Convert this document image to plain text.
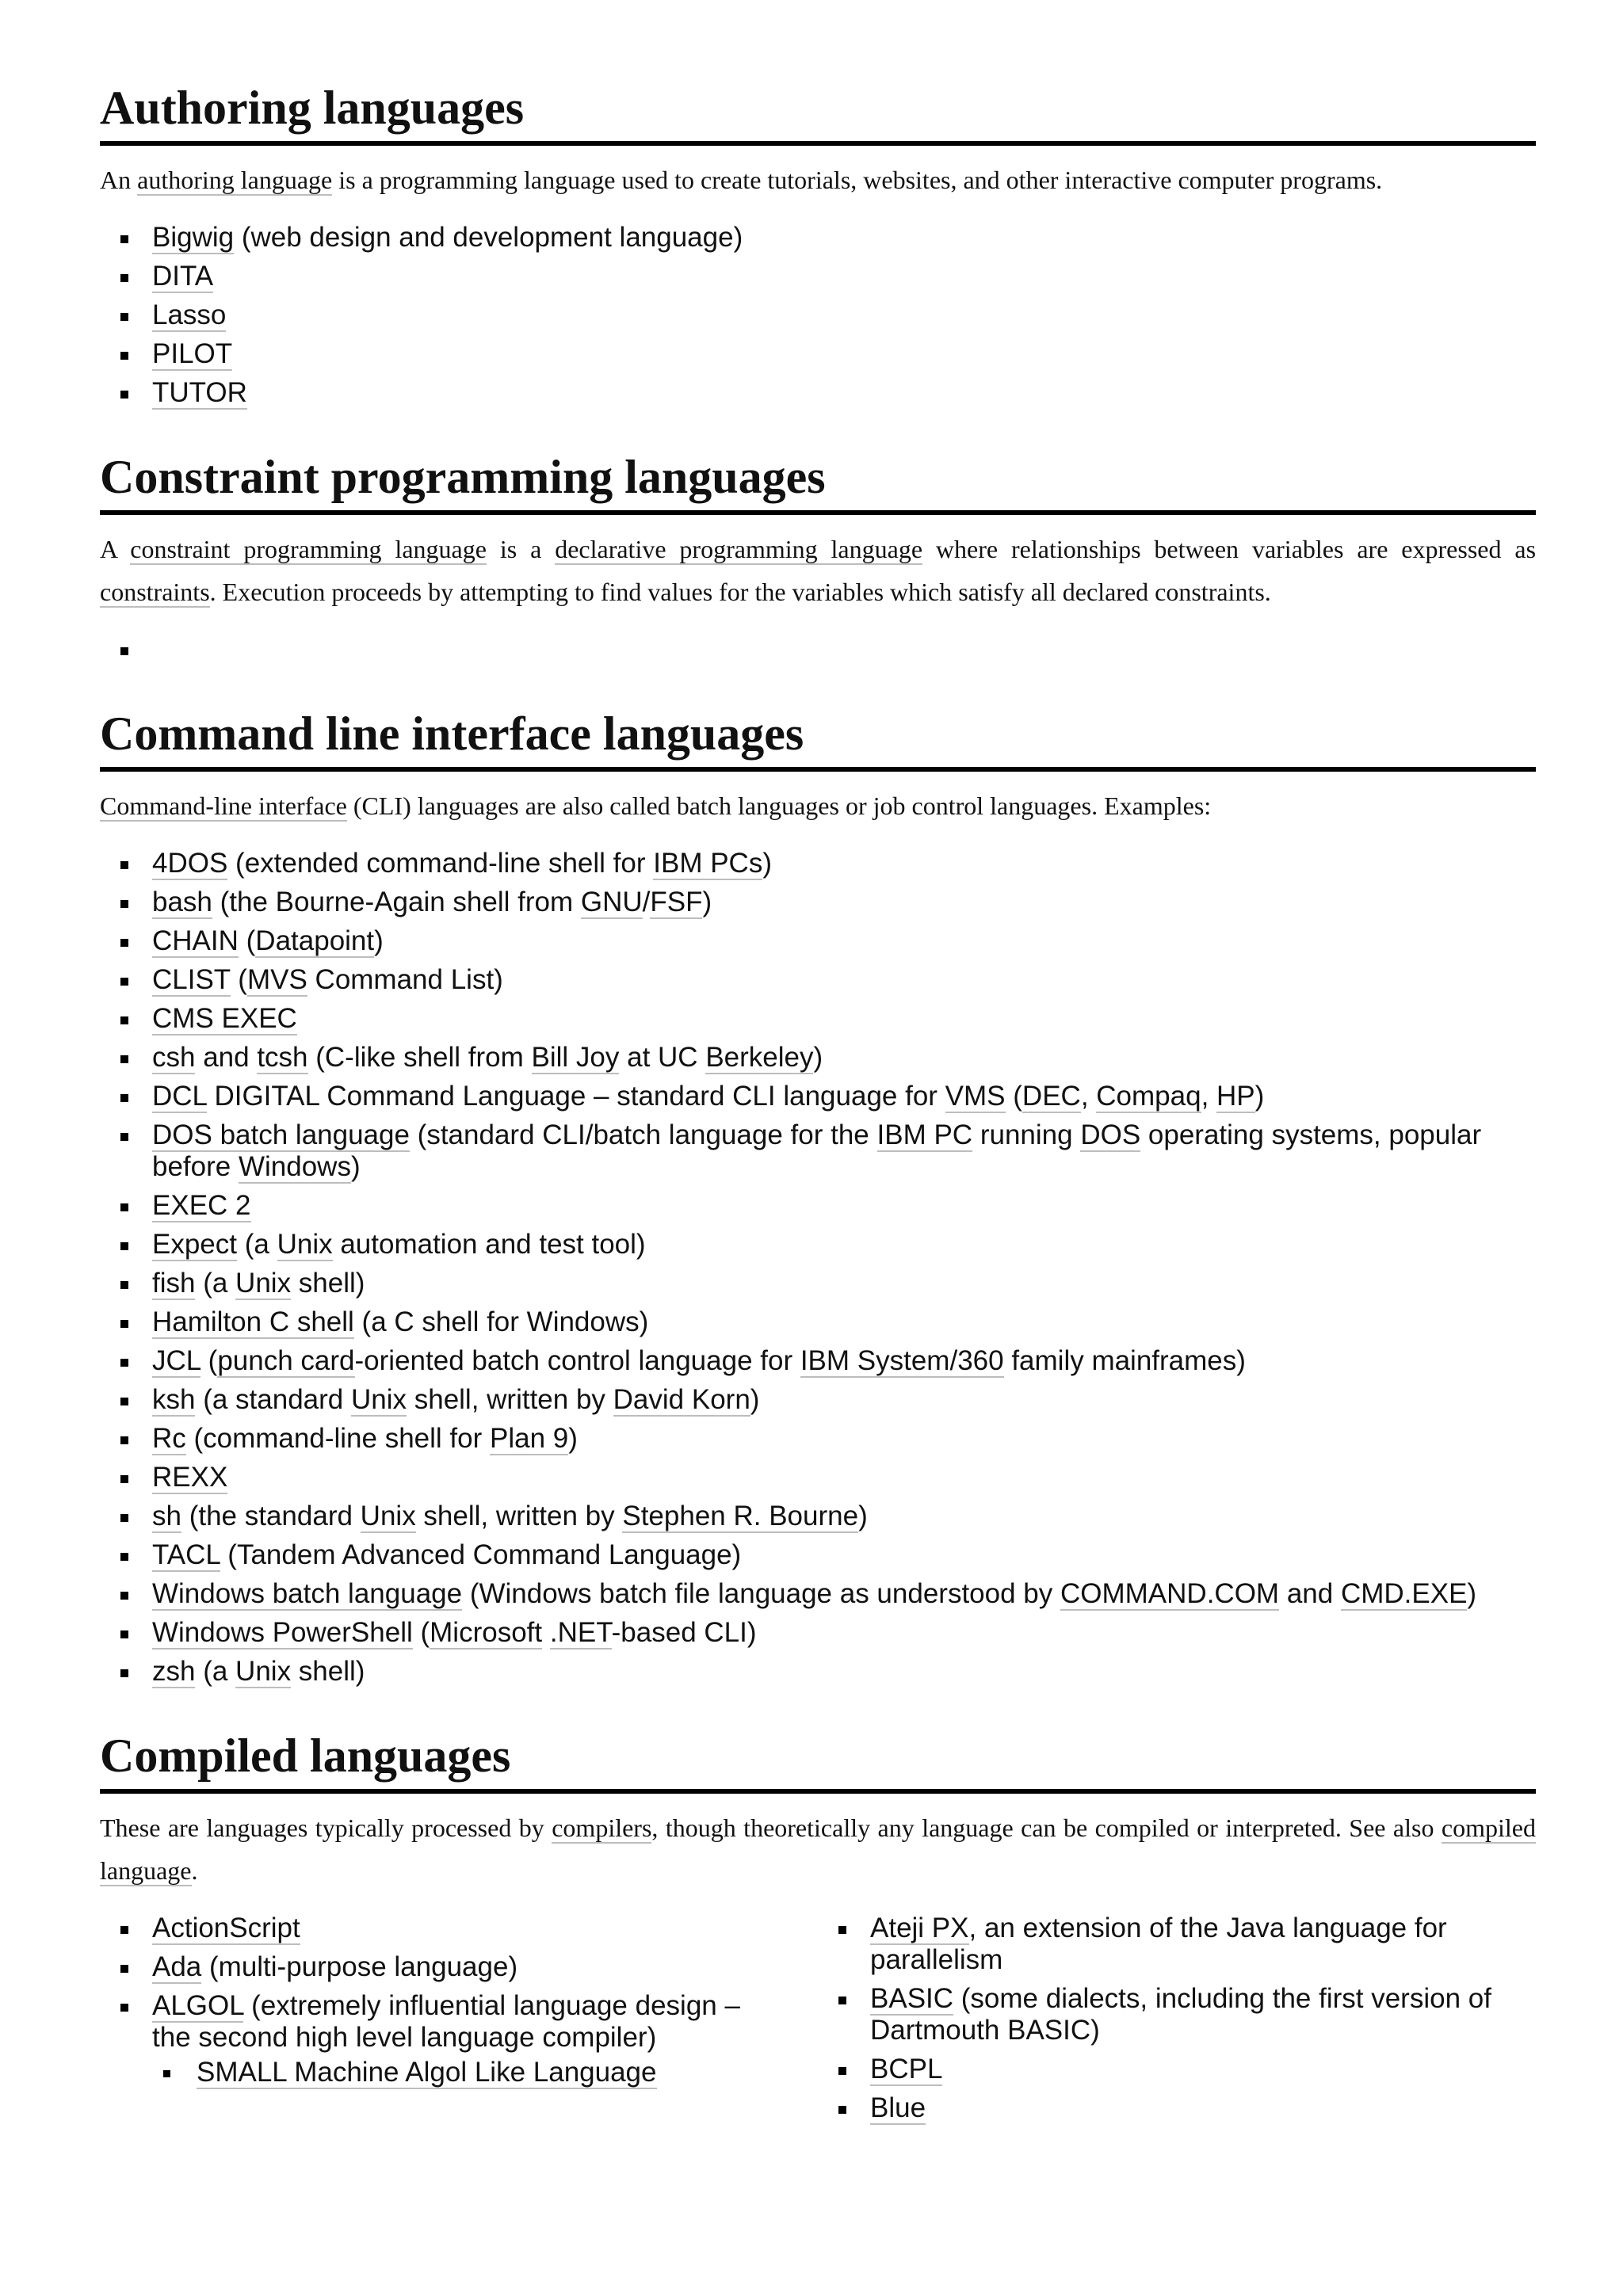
Authoring languages

An authoring language is a programming language used to create tutorials, websites, and other interactive computer programs.

Bigwig (web design and development language)
DITA
Lasso
PILOT
TUTOR
Constraint programming languages

A constraint programming language is a declarative programming language where relationships between variables are expressed as constraints. Execution proceeds by attempting to find values for the variables which satisfy all declared constraints.

Command line interface languages

Command-line interface (CLI) languages are also called batch languages or job control languages. Examples:

4DOS (extended command-line shell for IBM PCs)
bash (the Bourne-Again shell from GNU/FSF)
CHAIN (Datapoint)
CLIST (MVS Command List)
CMS EXEC
csh and tcsh (C-like shell from Bill Joy at UC Berkeley)
DCL DIGITAL Command Language – standard CLI language for VMS (DEC, Compaq, HP)
DOS batch language (standard CLI/batch language for the IBM PC running DOS operating systems, popular before Windows)
EXEC 2
Expect (a Unix automation and test tool)
fish (a Unix shell)
Hamilton C shell (a C shell for Windows)
JCL (punch card-oriented batch control language for IBM System/360 family mainframes)
ksh (a standard Unix shell, written by David Korn)
Rc (command-line shell for Plan 9)
REXX
sh (the standard Unix shell, written by Stephen R. Bourne)
TACL (Tandem Advanced Command Language)
Windows batch language (Windows batch file language as understood by COMMAND.COM and CMD.EXE)
Windows PowerShell (Microsoft .NET-based CLI)
zsh (a Unix shell)
Compiled languages

These are languages typically processed by compilers, though theoretically any language can be compiled or interpreted. See also compiled language.

ActionScript
Ada (multi-purpose language)
ALGOL (extremely influential language design – the second high level language compiler)
SMALL Machine Algol Like Language
Ateji PX, an extension of the Java language for parallelism
BASIC (some dialects, including the first version of Dartmouth BASIC)
BCPL
Blue
